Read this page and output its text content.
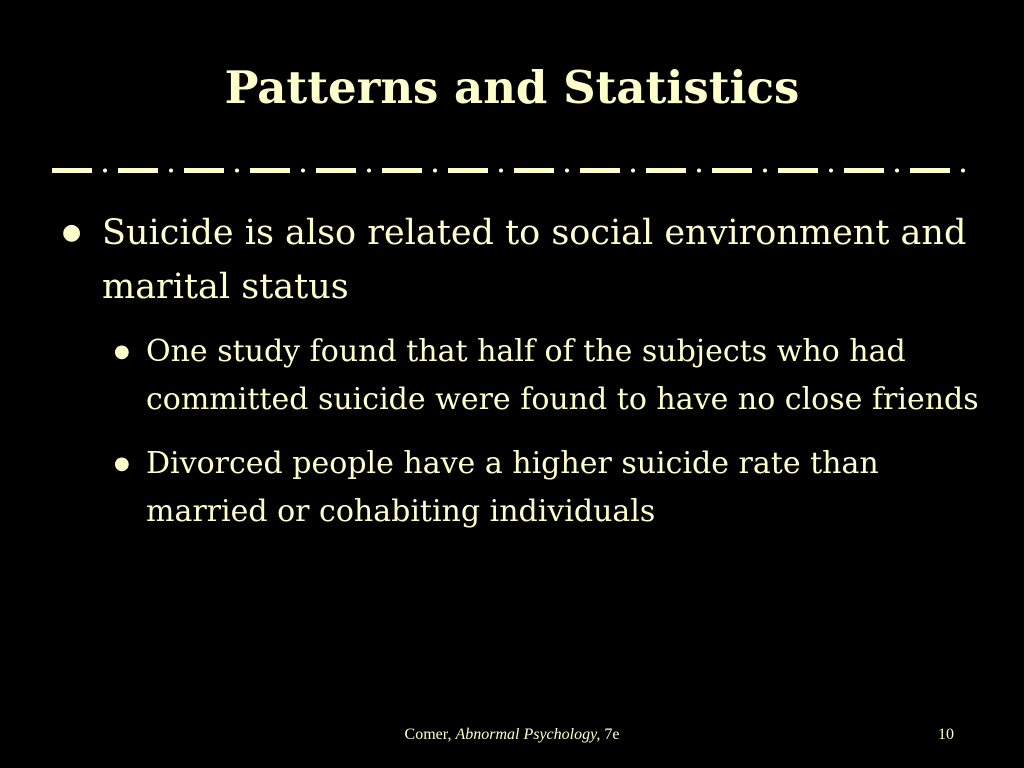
Patterns and Statistics
● Suicide is also related to social environment and marital status
● One study found that half of the subjects who had committed suicide were found to have no close friends
● Divorced people have a higher suicide rate than married or cohabiting individuals
Comer, Abnormal Psychology, 7e	10
